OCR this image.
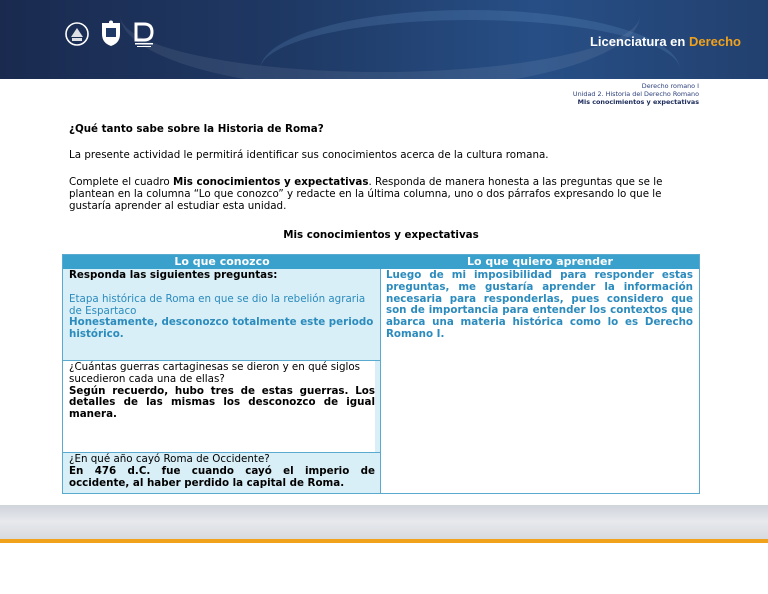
Licenciatura en Derecho
Derecho romano I
Unidad 2. Historia del Derecho Romano
Mis conocimientos y expectativas
¿Qué tanto sabe sobre la Historia de Roma?
La presente actividad le permitirá identificar sus conocimientos acerca de la cultura romana.
Complete el cuadro Mis conocimientos y expectativas. Responda de manera honesta a las preguntas que se le plantean en la columna “Lo que conozco” y redacte en la última columna, uno o dos párrafos expresando lo que le gustaría aprender al estudiar esta unidad.
Mis conocimientos y expectativas
Lo que conozco	Lo que quiero aprender
Responda las siguientes preguntas:
Etapa histórica de Roma en que se dio la rebelión agraria de Espartaco
Honestamente, desconozco totalmente este periodo histórico.
¿Cuántas guerras cartaginesas se dieron y en qué siglos sucedieron cada una de ellas?
Según recuerdo, hubo tres de estas guerras. Los detalles de las mismas los desconozco de igual manera.
¿En qué año cayó Roma de Occidente?
En 476 d.C. fue cuando cayó el imperio de occidente, al haber perdido la capital de Roma.
Luego de mi imposibilidad para responder estas preguntas, me gustaría aprender la información necesaria para responderlas, pues considero que son de importancia para entender los contextos que abarca una materia histórica como lo es Derecho Romano I.
